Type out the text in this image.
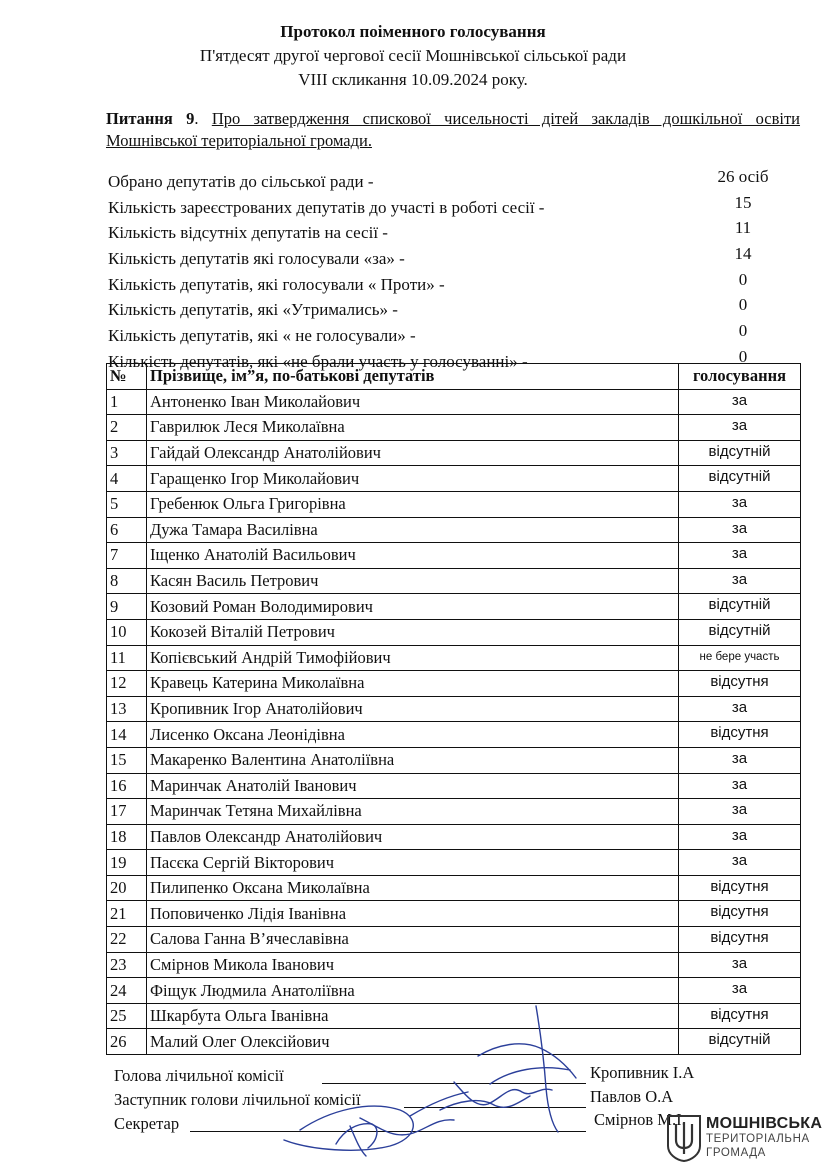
Протокол поіменного голосування
П'ятдесят другої чергової сесії Мошнівської сільської ради
VIII скликання 10.09.2024 року.
Питання 9. Про затвердження спискової чисельності дітей закладів дошкільної освіти Мошнівської територіальної громади.
Обрано депутатів до сільської ради -	26 осіб
Кількість зареєстрованих депутатів до участі в роботі сесії -	15
Кількість відсутніх депутатів на сесії -	11
Кількість депутатів які голосували «за» -	14
Кількість депутатів, які голосували « Проти» -	0
Кількість депутатів, які «Утримались» -	0
Кількість депутатів, які « не голосували» -	0
Кількість депутатів, які «не брали участь у голосуванні» -	0
№	Прізвище, ім”я, по-батькові депутатів	голосування
1	Антоненко Іван Миколайович	за
2	Гаврилюк Леся Миколаївна	за
3	Гайдай Олександр Анатолійович	відсутній
4	Гаращенко Ігор Миколайович	відсутній
5	Гребенюк Ольга Григорівна	за
6	Дужа Тамара Василівна	за
7	Іщенко Анатолій Васильович	за
8	Касян Василь Петрович	за
9	Козовий Роман Володимирович	відсутній
10	Кокозей Віталій Петрович	відсутній
11	Копієвський Андрій Тимофійович	не бере участь
12	Кравець Катерина Миколаївна	відсутня
13	Кропивник Ігор Анатолійович	за
14	Лисенко Оксана Леонідівна	відсутня
15	Макаренко Валентина Анатоліївна	за
16	Маринчак Анатолій Іванович	за
17	Маринчак Тетяна Михайлівна	за
18	Павлов Олександр Анатолійович	за
19	Пасєка Сергій Вікторович	за
20	Пилипенко Оксана Миколаївна	відсутня
21	Поповиченко Лідія Іванівна	відсутня
22	Салова Ганна В’ячеславівна	відсутня
23	Смірнов Микола Іванович	за
24	Фіщук Людмила Анатоліївна	за
25	Шкарбута Ольга Іванівна	відсутня
26	Малий Олег Олексійович	відсутній
Голова лічильної комісії	Кропивник І.А
Заступник голови лічильної комісії	Павлов О.А
Секретар	Смірнов М.І. МОШНІВСЬКА
ТЕРИТОРІАЛЬНА
ГРОМАДА
